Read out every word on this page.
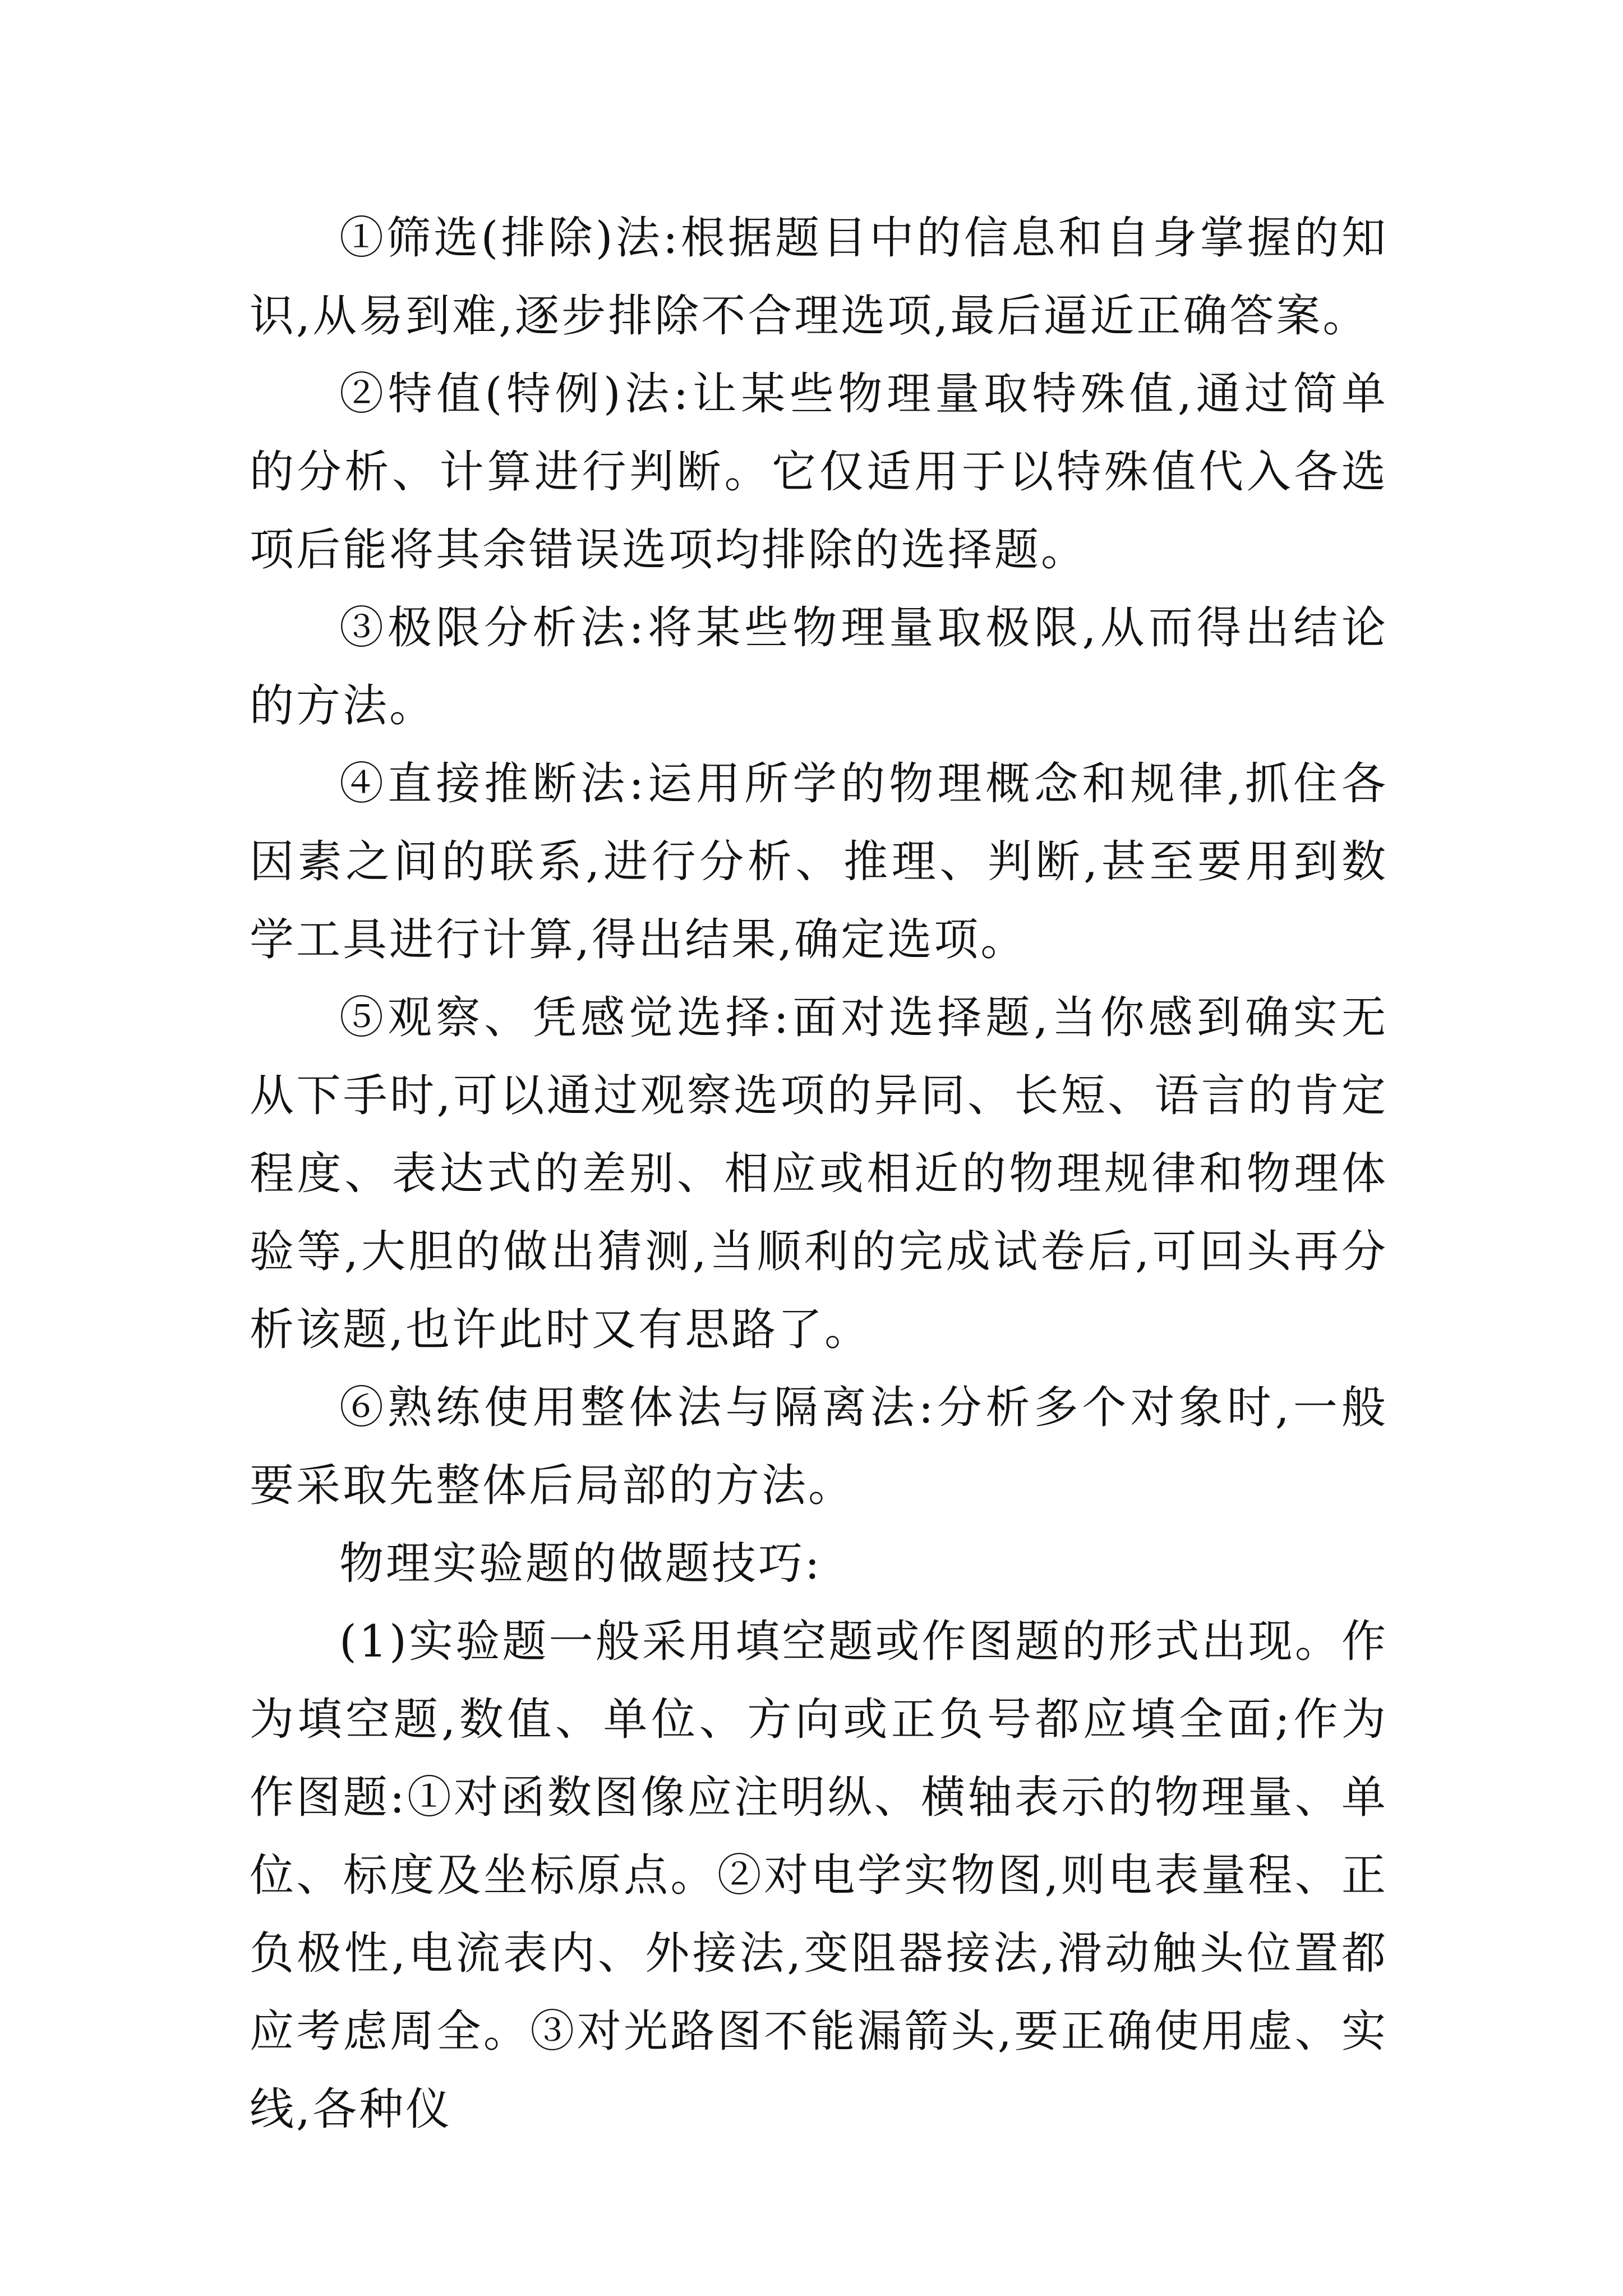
①筛选(排除)法:根据题目中的信息和自身掌握的知识,从易到难,逐步排除不合理选项,最后逼近正确答案。

②特值(特例)法:让某些物理量取特殊值,通过简单的分析、计算进行判断。它仅适用于以特殊值代入各选项后能将其余错误选项均排除的选择题。

③极限分析法:将某些物理量取极限,从而得出结论的方法。

④直接推断法:运用所学的物理概念和规律,抓住各因素之间的联系,进行分析、推理、判断,甚至要用到数学工具进行计算,得出结果,确定选项。

⑤观察、凭感觉选择:面对选择题,当你感到确实无从下手时,可以通过观察选项的异同、长短、语言的肯定程度、表达式的差别、相应或相近的物理规律和物理体验等,大胆的做出猜测,当顺利的完成试卷后,可回头再分析该题,也许此时又有思路了。

⑥熟练使用整体法与隔离法:分析多个对象时,一般要采取先整体后局部的方法。

物理实验题的做题技巧:

(1)实验题一般采用填空题或作图题的形式出现。作为填空题,数值、单位、方向或正负号都应填全面;作为作图题:①对函数图像应注明纵、横轴表示的物理量、单位、标度及坐标原点。②对电学实物图,则电表量程、正负极性,电流表内、外接法,变阻器接法,滑动触头位置都应考虑周全。③对光路图不能漏箭头,要正确使用虚、实线,各种仪
